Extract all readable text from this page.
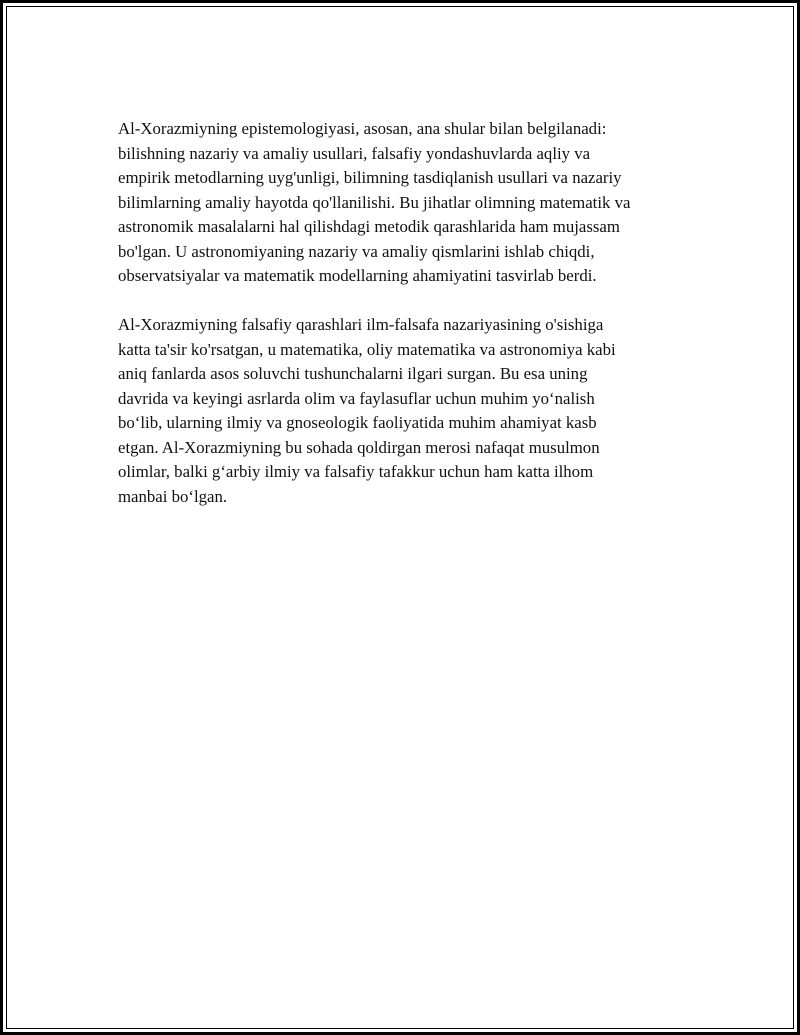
Al-Xorazmiyning epistemologiyasi, asosan, ana shular bilan belgilanadi:
bilishning nazariy va amaliy usullari, falsafiy yondashuvlarda aqliy va
empirik metodlarning uyg'unligi, bilimning tasdiqlanish usullari va nazariy
bilimlarning amaliy hayotda qo'llanilishi. Bu jihatlar olimning matematik va
astronomik masalalarni hal qilishdagi metodik qarashlarida ham mujassam
bo'lgan. U astronomiyaning nazariy va amaliy qismlarini ishlab chiqdi,
observatsiyalar va matematik modellarning ahamiyatini tasvirlab berdi.

Al-Xorazmiyning falsafiy qarashlari ilm-falsafa nazariyasining o'sishiga
katta ta'sir ko'rsatgan, u matematika, oliy matematika va astronomiya kabi
aniq fanlarda asos soluvchi tushunchalarni ilgari surgan. Bu esa uning
davrida va keyingi asrlarda olim va faylasuflar uchun muhim yo‘nalish
bo‘lib, ularning ilmiy va gnoseologik faoliyatida muhim ahamiyat kasb
etgan. Al-Xorazmiyning bu sohada qoldirgan merosi nafaqat musulmon
olimlar, balki g‘arbiy ilmiy va falsafiy tafakkur uchun ham katta ilhom
manbai bo‘lgan.
